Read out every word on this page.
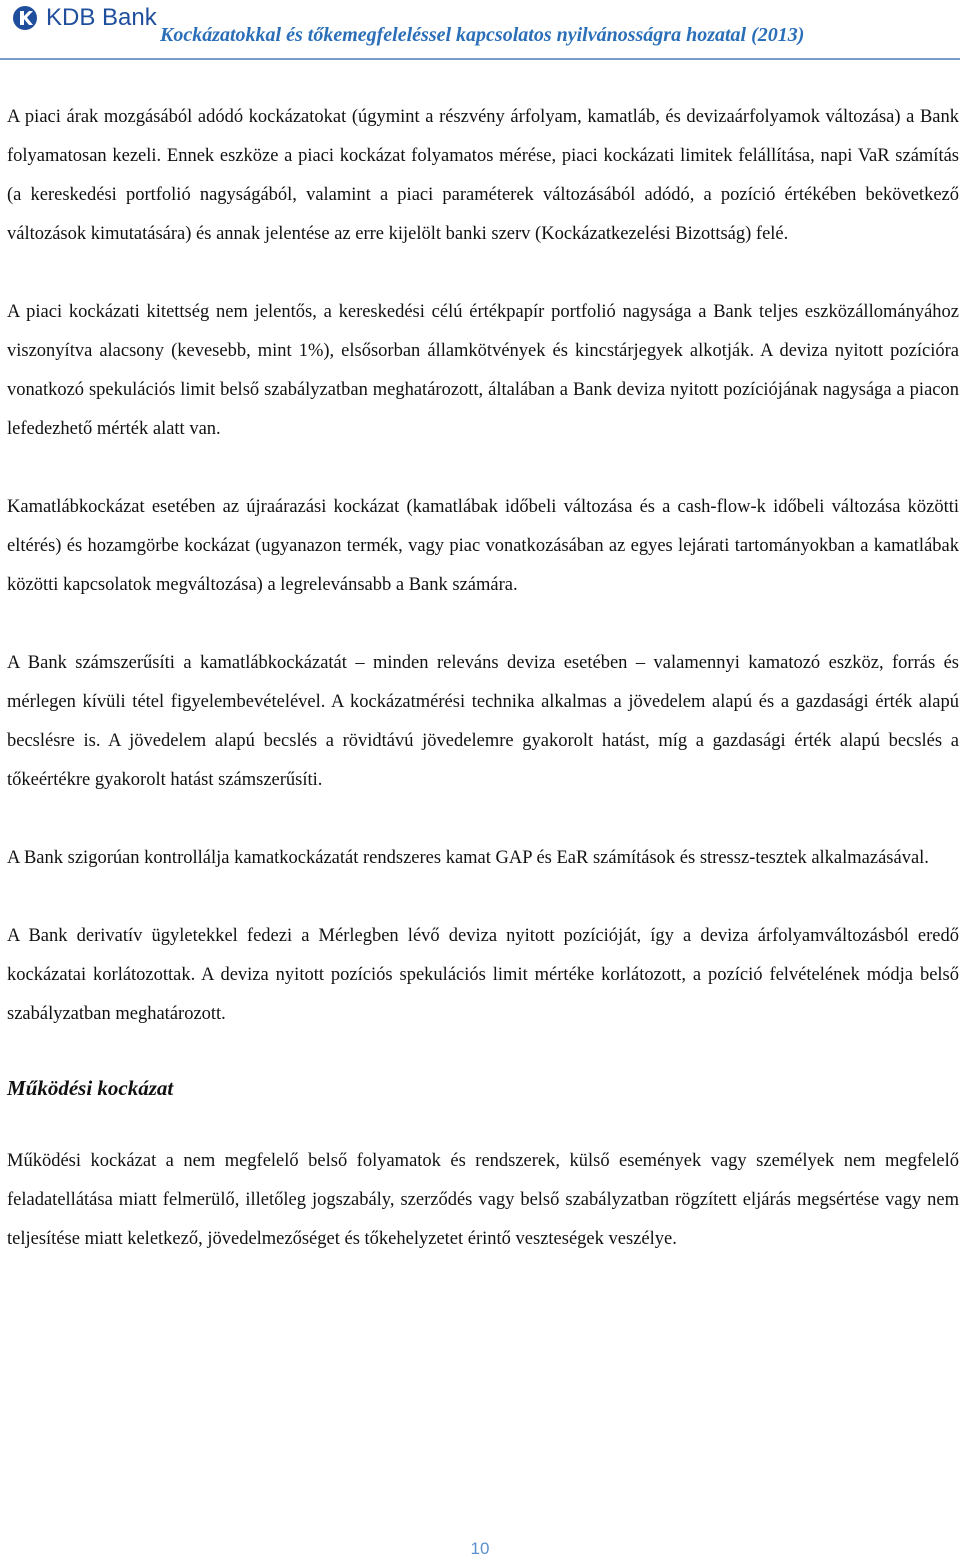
KDB Bank
Kockázatokkal és tőkemegfeleléssel kapcsolatos nyilvánosságra hozatal (2013)

A piaci árak mozgásából adódó kockázatokat (úgymint a részvény árfolyam, kamatláb, és devizaárfolyamok változása) a Bank folyamatosan kezeli. Ennek eszköze a piaci kockázat folyamatos mérése, piaci kockázati limitek felállítása, napi VaR számítás (a kereskedési portfolió nagyságából, valamint a piaci paraméterek változásából adódó, a pozíció értékében bekövetkező változások kimutatására) és annak jelentése az erre kijelölt banki szerv (Kockázatkezelési Bizottság) felé.

A piaci kockázati kitettség nem jelentős, a kereskedési célú értékpapír portfolió nagysága a Bank teljes eszközállományához viszonyítva alacsony (kevesebb, mint 1%), elsősorban államkötvények és kincstárjegyek alkotják. A deviza nyitott pozícióra vonatkozó spekulációs limit belső szabályzatban meghatározott, általában a Bank deviza nyitott pozíciójának nagysága a piacon lefedezhető mérték alatt van.

Kamatlábkockázat esetében az újraárazási kockázat (kamatlábak időbeli változása és a cash-flow-k időbeli változása közötti eltérés) és hozamgörbe kockázat (ugyanazon termék, vagy piac vonatkozásában az egyes lejárati tartományokban a kamatlábak közötti kapcsolatok megváltozása) a legrelevánsabb a Bank számára.

A Bank számszerűsíti a kamatlábkockázatát – minden releváns deviza esetében – valamennyi kamatozó eszköz, forrás és mérlegen kívüli tétel figyelembevételével. A kockázatmérési technika alkalmas a jövedelem alapú és a gazdasági érték alapú becslésre is. A jövedelem alapú becslés a rövidtávú jövedelemre gyakorolt hatást, míg a gazdasági érték alapú becslés a tőkeértékre gyakorolt hatást számszerűsíti.

A Bank szigorúan kontrollálja kamatkockázatát rendszeres kamat GAP és EaR számítások és stressz-tesztek alkalmazásával.

A Bank derivatív ügyletekkel fedezi a Mérlegben lévő deviza nyitott pozícióját, így a deviza árfolyamváltozásból eredő kockázatai korlátozottak. A deviza nyitott pozíciós spekulációs limit mértéke korlátozott, a pozíció felvételének módja belső szabályzatban meghatározott.

Működési kockázat

Működési kockázat a nem megfelelő belső folyamatok és rendszerek, külső események vagy személyek nem megfelelő feladatellátása miatt felmerülő, illetőleg jogszabály, szerződés vagy belső szabályzatban rögzített eljárás megsértése vagy nem teljesítése miatt keletkező, jövedelmezőséget és tőkehelyzetet érintő veszteségek veszélye.

10
